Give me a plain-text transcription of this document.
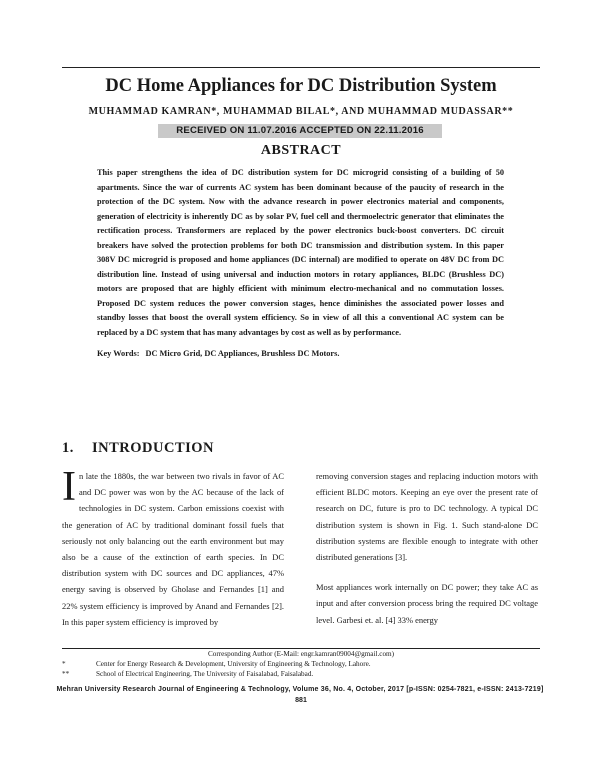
DC Home Appliances for DC Distribution System
MUHAMMAD KAMRAN*, MUHAMMAD BILAL*, AND MUHAMMAD MUDASSAR**
RECEIVED ON 11.07.2016 ACCEPTED ON 22.11.2016
ABSTRACT

This paper strengthens the idea of DC distribution system for DC microgrid consisting of a building of 50 apartments. Since the war of currents AC system has been dominant because of the paucity of research in the protection of the DC system. Now with the advance research in power electronics material and components, generation of electricity is inherently DC as by solar PV, fuel cell and thermoelectric generator that eliminates the rectification process. Transformers are replaced by the power electronics buck-boost converters. DC circuit breakers have solved the protection problems for both DC transmission and distribution system. In this paper 308V DC microgrid is proposed and home appliances (DC internal) are modified to operate on 48V DC from DC distribution line. Instead of using universal and induction motors in rotary appliances, BLDC (Brushless DC) motors are proposed that are highly efficient with minimum electro-mechanical and no commutation losses. Proposed DC system reduces the power conversion stages, hence diminishes the associated power losses and standby losses that boost the overall system efficiency. So in view of all this a conventional AC system can be replaced by a DC system that has many advantages by cost as well as by performance.

Key Words: DC Micro Grid, DC Appliances, Brushless DC Motors.
1. INTRODUCTION

In late the 1880s, the war between two rivals in favor of AC and DC power was won by the AC because of the lack of technologies in DC system. Carbon emissions coexist with the generation of AC by traditional dominant fossil fuels that seriously not only balancing out the earth environment but may also be a cause of the extinction of earth species. In DC distribution system with DC sources and DC appliances, 47% energy saving is observed by Gholase and Fernandes [1] and 22% system efficiency is improved by Anand and Fernandes [2]. In this paper system efficiency is improved by

removing conversion stages and replacing induction motors with efficient BLDC motors. Keeping an eye over the present rate of research on DC, future is pro to DC technology. A typical DC distribution system is shown in Fig. 1. Such stand-alone DC distribution systems are flexible enough to integrate with other distributed generations [3].

Most appliances work internally on DC power; they take AC as input and after conversion process bring the required DC voltage level. Garbesi et. al. [4] 33% energy

Corresponding Author (E-Mail: engr.kamran09004@gmail.com)
*	Center for Energy Research & Development, University of Engineering & Technology, Lahore.
**	School of Electrical Engineering, The University of Faisalabad, Faisalabad.
Mehran University Research Journal of Engineering & Technology, Volume 36, No. 4, October, 2017 [p-ISSN: 0254-7821, e-ISSN: 2413-7219]
881
